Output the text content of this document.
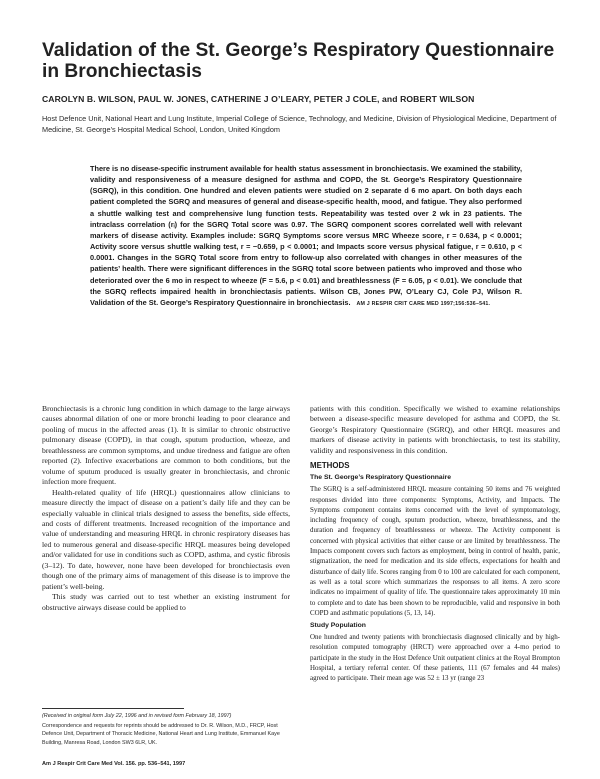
Validation of the St. George’s Respiratory Questionnaire in Bronchiectasis

CAROLYN B. WILSON, PAUL W. JONES, CATHERINE J O’LEARY, PETER J COLE, and ROBERT WILSON

Host Defence Unit, National Heart and Lung Institute, Imperial College of Science, Technology, and Medicine, Division of Physiological Medicine, Department of Medicine, St. George’s Hospital Medical School, London, United Kingdom

There is no disease-specific instrument available for health status assessment in bronchiectasis. We examined the stability, validity and responsiveness of a measure designed for asthma and COPD, the St. George’s Respiratory Questionnaire (SGRQ), in this condition. One hundred and eleven patients were studied on 2 separate d 6 mo apart. On both days each patient completed the SGRQ and measures of general and disease-specific health, mood, and fatigue. They also performed a shuttle walking test and comprehensive lung function tests. Repeatability was tested over 2 wk in 23 patients. The intraclass correlation (rᵢ) for the SGRQ Total score was 0.97. The SGRQ component scores correlated well with relevant markers of disease activity. Examples include: SGRQ Symptoms score versus MRC Wheeze score, r = 0.634, p < 0.0001; Activity score versus shuttle walking test, r = −0.659, p < 0.0001; and Impacts score versus physical fatigue, r = 0.610, p < 0.0001. Changes in the SGRQ Total score from entry to follow-up also correlated with changes in other measures of the patients’ health. There were significant differences in the SGRQ total score between patients who improved and those who deteriorated over the 6 mo in respect to wheeze (F = 5.6, p < 0.01) and breathlessness (F = 6.05, p < 0.01). We conclude that the SGRQ reflects impaired health in bronchiectasis patients. Wilson CB, Jones PW, O’Leary CJ, Cole PJ, Wilson R. Validation of the St. George’s Respiratory Questionnaire in bronchiectasis. AM J RESPIR CRIT CARE MED 1997;156:536–541.

Bronchiectasis is a chronic lung condition in which damage to the large airways causes abnormal dilation of one or more bronchi leading to poor clearance and pooling of mucus in the affected areas (1). It is similar to chronic obstructive pulmonary disease (COPD), in that cough, sputum production, wheeze, and breathlessness are common symptoms, and undue tiredness and fatigue are often reported (2). Infective exacerbations are common to both conditions, but the volume of sputum produced is usually greater in bronchiectasis, and chronic infection more frequent.

Health-related quality of life (HRQL) questionnaires allow clinicians to measure directly the impact of disease on a patient’s daily life and they can be especially valuable in clinical trials designed to assess the benefits, side effects, and costs of different treatments. Increased recognition of the importance and value of understanding and measuring HRQL in chronic respiratory diseases has led to numerous general and disease-specific HRQL measures being developed and/or validated for use in conditions such as COPD, asthma, and cystic fibrosis (3–12). To date, however, none have been developed for bronchiectasis even though one of the primary aims of management of this disease is to improve the patient’s well-being.

This study was carried out to test whether an existing instrument for obstructive airways disease could be applied to

patients with this condition. Specifically we wished to examine relationships between a disease-specific measure developed for asthma and COPD, the St. George’s Respiratory Questionnaire (SGRQ), and other HRQL measures and markers of disease activity in patients with bronchiectasis, to test its stability, validity and responsiveness in this condition.

METHODS
The St. George’s Respiratory Questionnaire

The SGRQ is a self-administered HRQL measure containing 50 items and 76 weighted responses divided into three components: Symptoms, Activity, and Impacts. The Symptoms component contains items concerned with the level of symptomatology, including frequency of cough, sputum production, wheeze, breathlessness, and the duration and frequency of breathlessness or wheeze. The Activity component is concerned with physical activities that either cause or are limited by breathlessness. The Impacts component covers such factors as employment, being in control of health, panic, stigmatization, the need for medication and its side effects, expectations for health and disturbance of daily life. Scores ranging from 0 to 100 are calculated for each component, as well as a total score which summarizes the responses to all items. A zero score indicates no impairment of quality of life. The questionnaire takes approximately 10 min to complete and to date has been shown to be reproducible, valid and responsive in both COPD and asthmatic populations (5, 13, 14).

Study Population

One hundred and twenty patients with bronchiectasis diagnosed clinically and by high-resolution computed tomography (HRCT) were approached over a 4-mo period to participate in the study in the Host Defence Unit outpatient clinics at the Royal Brompton Hospital, a tertiary referral center. Of these patients, 111 (67 females and 44 males) agreed to participate. Their mean age was 52 ± 13 yr (range 23

(Received in original form July 22, 1996 and in revised form February 18, 1997)

Correspondence and requests for reprints should be addressed to Dr. R. Wilson, M.D., FRCP, Host Defence Unit, Department of Thoracic Medicine, National Heart and Lung Institute, Emmanuel Kaye Building, Manresa Road, London SW3 6LR, UK.

Am J Respir Crit Care Med Vol. 156. pp. 536–541, 1997
